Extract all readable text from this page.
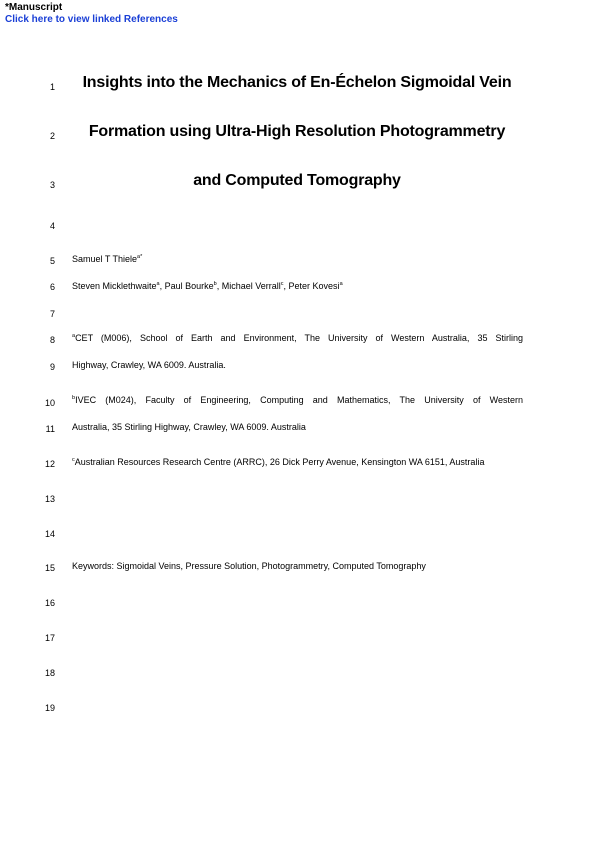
*Manuscript
Click here to view linked References
1
2
3
4
5
6
7
8
9
10
11
12
13
14
15
16
17
18
19
Insights into the Mechanics of En-Échelon Sigmoidal Vein
Formation using Ultra-High Resolution Photogrammetry
and Computed Tomography
Samuel T Thiele$^{a*}$
Steven Micklethwaite$^a$, Paul Bourke$^b$, Michael Verrall$^c$, Peter Kovesi$^a$
$^a$CET (M006), School of Earth and Environment, The University of Western Australia, 35 Stirling
Highway, Crawley, WA 6009. Australia.
$^b$IVEC (M024), Faculty of Engineering, Computing and Mathematics, The University of Western
Australia, 35 Stirling Highway, Crawley, WA 6009. Australia
$^c$Australian Resources Research Centre (ARRC), 26 Dick Perry Avenue, Kensington WA 6151, Australia
Keywords: Sigmoidal Veins, Pressure Solution, Photogrammetry, Computed Tomography
